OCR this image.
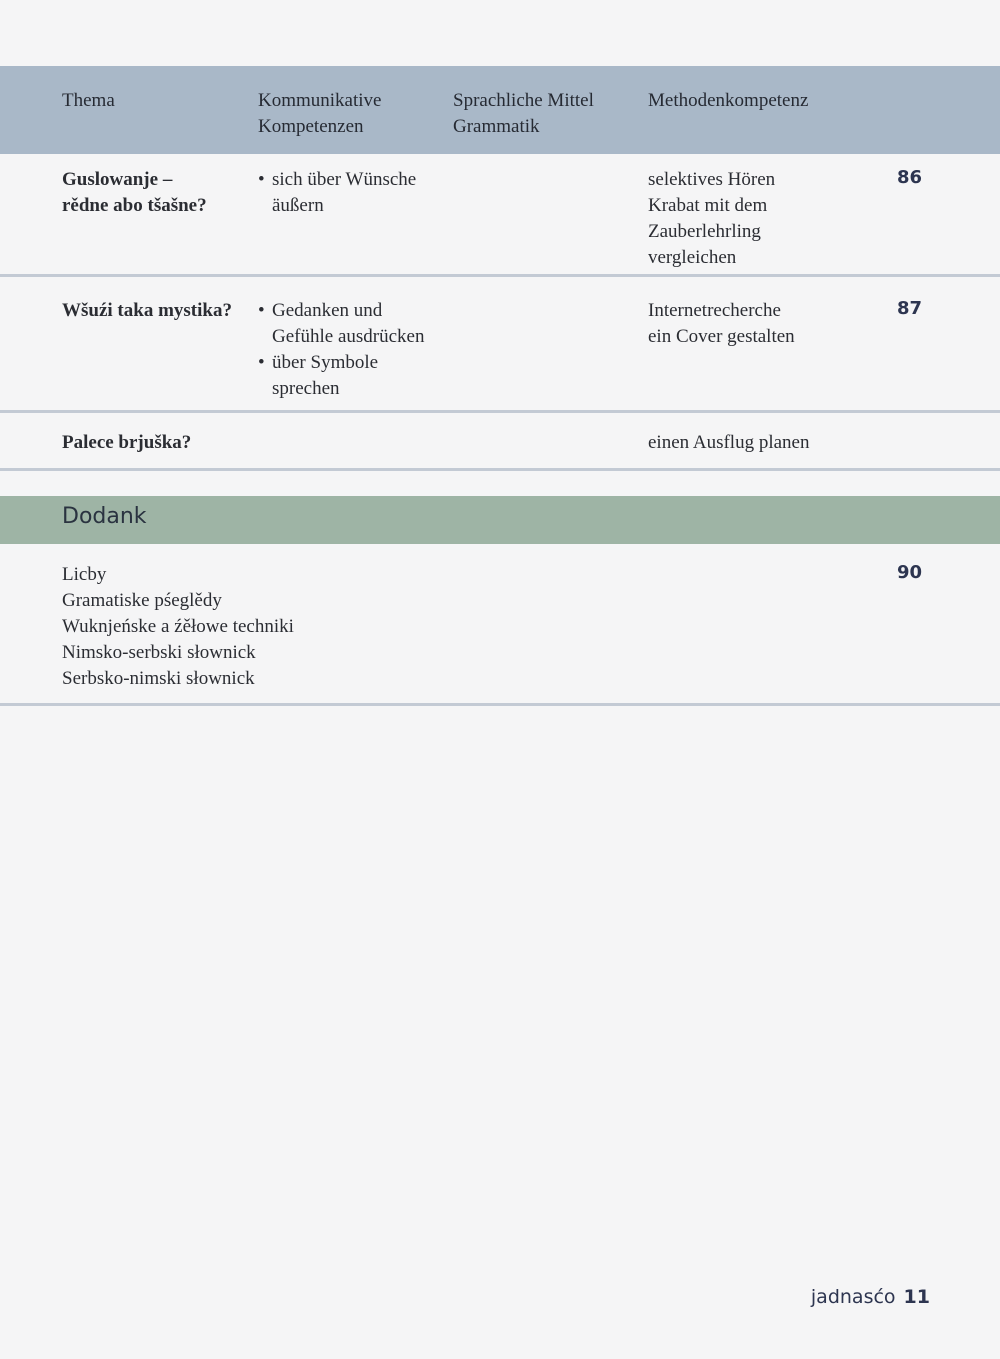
Thema	Kommunikative
Kompetenzen
Sprachliche Mittel
Grammatik
Methodenkompetenz
Guslowanje –
rědne abo tšašne?
• sich über Wünsche
äußern
selektives Hören
Krabat mit dem
Zauberlehrling
vergleichen
86
Wšuźi taka mystika?
•	Gedanken und
Gefühle ausdrücken
• über Symbole
sprechen
Internetrecherche
ein Cover gestalten
87
Palece brjuška?	einen Ausflug planen
Dodank
Licby
Gramatiske pśeglědy
Wuknjeńske a źěłowe techniki
Nimsko-serbski słownick
Serbsko-nimski słownick
90
jadnasćo 11
